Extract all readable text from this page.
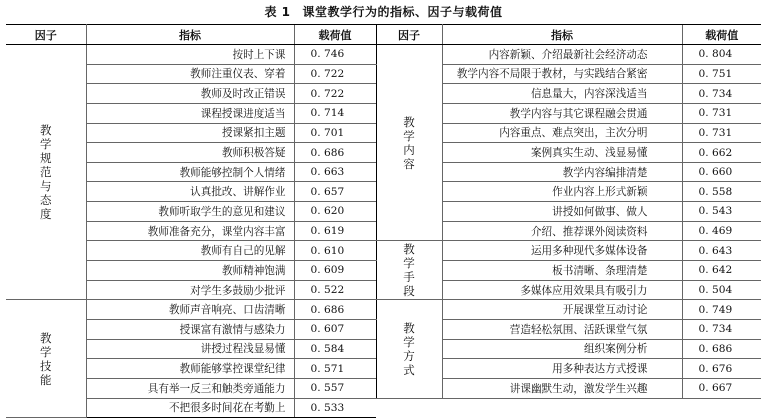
表 1 课堂教学行为的指标、因子与载荷值
因子	指标	载荷值	因子	指标	载荷值

教学规范与态度	按时上下课	0. 746	教学内容	内容新颖、介绍最新社会经济动态	0. 804
	教师注重仪表、穿着	0. 722		教学内容不局限于教材，与实践结合紧密	0. 751
	教师及时改正错误	0. 722		信息量大，内容深浅适当	0. 734
	课程授课进度适当	0. 714		教学内容与其它课程融会贯通	0. 731
	授课紧扣主题	0. 701		内容重点、难点突出，主次分明	0. 731
	教师积极答疑	0. 686		案例真实生动、浅显易懂	0. 662
	教师能够控制个人情绪	0. 663		教学内容编排清楚	0. 660
	认真批改、讲解作业	0. 657		作业内容上形式新颖	0. 558
	教师听取学生的意见和建议	0. 620		讲授如何做事、做人	0. 543
	教师准备充分，课堂内容丰富	0. 619		介绍、推荐课外阅读资料	0. 469
	教师有自己的见解	0. 610	教学手段	运用多种现代多媒体设备	0. 643
	教师精神饱满	0. 609		板书清晰、条理清楚	0. 642
	对学生多鼓励少批评	0. 522		多媒体应用效果具有吸引力	0. 504

教学技能	教师声音响亮、口齿清晰	0. 686	教学方式	开展课堂互动讨论	0. 749
	授课富有激情与感染力	0. 607		营造轻松氛围、活跃课堂气氛	0. 734
	讲授过程浅显易懂	0. 584		组织案例分析	0. 686
	教师能够掌控课堂纪律	0. 571		用多种表达方式授课	0. 676
	具有举一反三和触类旁通能力	0. 557		讲课幽默生动，激发学生兴趣	0. 667
	不把很多时间花在考勤上	0. 533			
